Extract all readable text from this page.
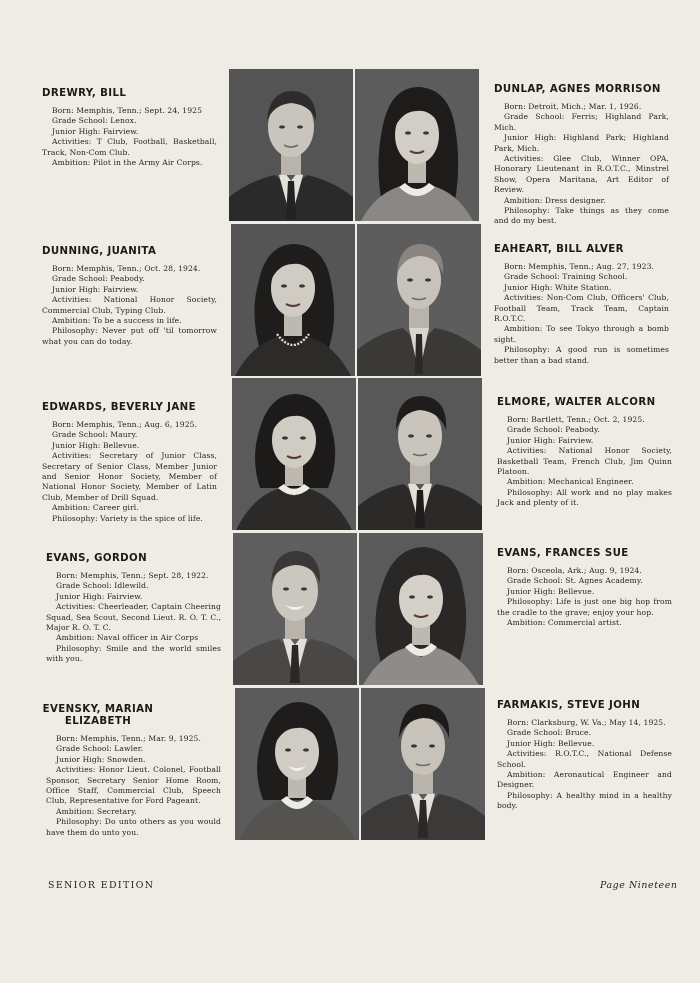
DREWRY, BILL
Born: Memphis, Tenn.; Sept. 24, 1925
Grade School: Lenox.
Junior High: Fairview.
Activities: T Club, Football, Basketball, Track, Non-Com Club.
Ambition: Pilot in the Army Air Corps.
DUNNING, JUANITA
Born: Memphis, Tenn.; Oct. 28, 1924.
Grade School: Peabody.
Junior High: Fairview.
Activities: National Honor Society, Commercial Club, Typing Club.
Ambition: To be a success in life.
Philosophy: Never put off 'til tomorrow what you can do today.
EDWARDS, BEVERLY JANE
Born: Memphis, Tenn.; Aug. 6, 1925.
Grade School: Maury.
Junior High: Bellevue.
Activities: Secretary of Junior Class, Secretary of Senior Class, Member Junior and Senior Honor Society, Member of National Honor Society, Member of Latin Club, Member of Drill Squad.
Ambition: Career girl.
Philosophy: Variety is the spice of life.
EVANS, GORDON
Born: Memphis, Tenn.; Sept. 28, 1922.
Grade School: Idlewild.
Junior High: Fairview.
Activities: Cheerleader, Captain Cheering Squad, Sea Scout, Second Lieut. R. O. T. C., Major R. O. T. C.
Ambition: Naval officer in Air Corps
Philosophy: Smile and the world smiles with you.
EVENSKY, MARIAN ELIZABETH
Born: Memphis, Tenn.; Mar. 9, 1925.
Grade School: Lawler.
Junior High: Snowden.
Activities: Honor Lieut. Colonel, Football Sponsor, Secretary Senior Home Room, Office Staff, Commercial Club, Speech Club, Representative for Ford Pageant.
Ambition: Secretary.
Philosophy: Do unto others as you would have them do unto you.
DUNLAP, AGNES MORRISON
Born: Detroit, Mich.; Mar. 1, 1926.
Grade School: Ferris; Highland Park, Mich.
Junior High: Highland Park; Highland Park, Mich.
Activities: Glee Club, Winner OPA, Honorary Lieutenant in R.O.T.C., Minstrel Show, Opera Maritana, Art Editor of Review.
Ambition: Dress designer.
Philosophy: Take things as they come and do my best.
EAHEART, BILL ALVER
Born: Memphis, Tenn.; Aug. 27, 1923.
Grade School: Training School.
Junior High: White Station.
Activities: Non-Com Club, Officers' Club, Football Team, Track Team, Captain R.O.T.C.
Ambition: To see Tokyo through a bomb sight.
Philosophy: A good run is sometimes better than a bad stand.
ELMORE, WALTER ALCORN
Born: Bartlett, Tenn.; Oct. 2, 1925.
Grade School: Peabody.
Junior High: Fairview.
Activities: National Honor Society, Basketball Team, French Club, Jim Quinn Platoon.
Ambition: Mechanical Engineer.
Philosophy: All work and no play makes Jack and plenty of it.
EVANS, FRANCES SUE
Born: Osceola, Ark.; Aug. 9, 1924.
Grade School: St. Agnes Academy.
Junior High: Bellevue.
Philosophy: Life is just one big hop from the cradle to the grave; enjoy your hop.
Ambition: Commercial artist.
FARMAKIS, STEVE JOHN
Born: Clarksburg, W. Va.; May 14, 1925.
Grade School: Bruce.
Junior High: Bellevue.
Activities: R.O.T.C., National Defense School.
Ambition: Aeronautical Engineer and Designer.
Philosophy: A healthy mind in a healthy body.
SENIOR EDITION	Page Nineteen
